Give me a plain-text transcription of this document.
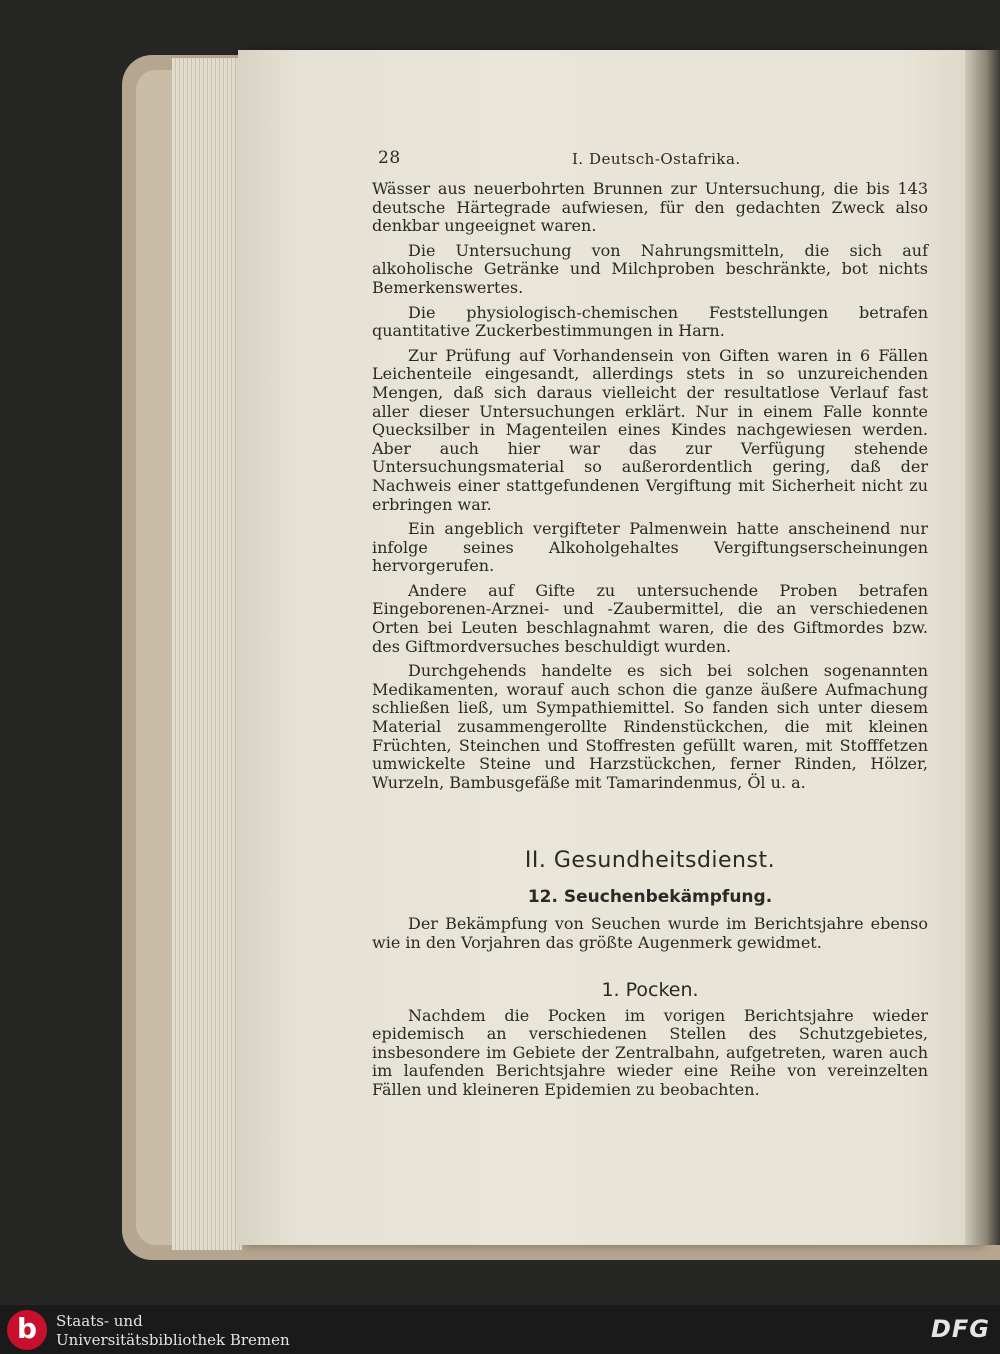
28	I. Deutsch-Ostafrika.

Wässer aus neuerbohrten Brunnen zur Untersuchung, die bis 143 deutsche Härtegrade aufwiesen, für den gedachten Zweck also denkbar ungeeignet waren.

Die Untersuchung von Nahrungsmitteln, die sich auf alkoholische Getränke und Milchproben beschränkte, bot nichts Bemerkenswertes.

Die physiologisch-chemischen Feststellungen betrafen quantitative Zuckerbestimmungen in Harn.

Zur Prüfung auf Vorhandensein von Giften waren in 6 Fällen Leichenteile eingesandt, allerdings stets in so unzureichenden Mengen, daß sich daraus vielleicht der resultatlose Verlauf fast aller dieser Untersuchungen erklärt. Nur in einem Falle konnte Quecksilber in Magenteilen eines Kindes nachgewiesen werden. Aber auch hier war das zur Verfügung stehende Untersuchungsmaterial so außerordentlich gering, daß der Nachweis einer stattgefundenen Vergiftung mit Sicherheit nicht zu erbringen war.

Ein angeblich vergifteter Palmenwein hatte anscheinend nur infolge seines Alkoholgehaltes Vergiftungserscheinungen hervorgerufen.

Andere auf Gifte zu untersuchende Proben betrafen Eingeborenen-Arznei- und -Zaubermittel, die an verschiedenen Orten bei Leuten beschlagnahmt waren, die des Giftmordes bzw. des Giftmordversuches beschuldigt wurden.

Durchgehends handelte es sich bei solchen sogenannten Medikamenten, worauf auch schon die ganze äußere Aufmachung schließen ließ, um Sympathiemittel. So fanden sich unter diesem Material zusammengerollte Rindenstückchen, die mit kleinen Früchten, Steinchen und Stoffresten gefüllt waren, mit Stofffetzen umwickelte Steine und Harzstückchen, ferner Rinden, Hölzer, Wurzeln, Bambusgefäße mit Tamarindenmus, Öl u. a.

II. Gesundheitsdienst.
12. Seuchenbekämpfung.

Der Bekämpfung von Seuchen wurde im Berichtsjahre ebenso wie in den Vorjahren das größte Augenmerk gewidmet.

1. Pocken.

Nachdem die Pocken im vorigen Berichtsjahre wieder epidemisch an verschiedenen Stellen des Schutzgebietes, insbesondere im Gebiete der Zentralbahn, aufgetreten, waren auch im laufenden Berichtsjahre wieder eine Reihe von vereinzelten Fällen und kleineren Epidemien zu beobachten.

b	Staats- und
Universitätsbibliothek Bremen	DFG
